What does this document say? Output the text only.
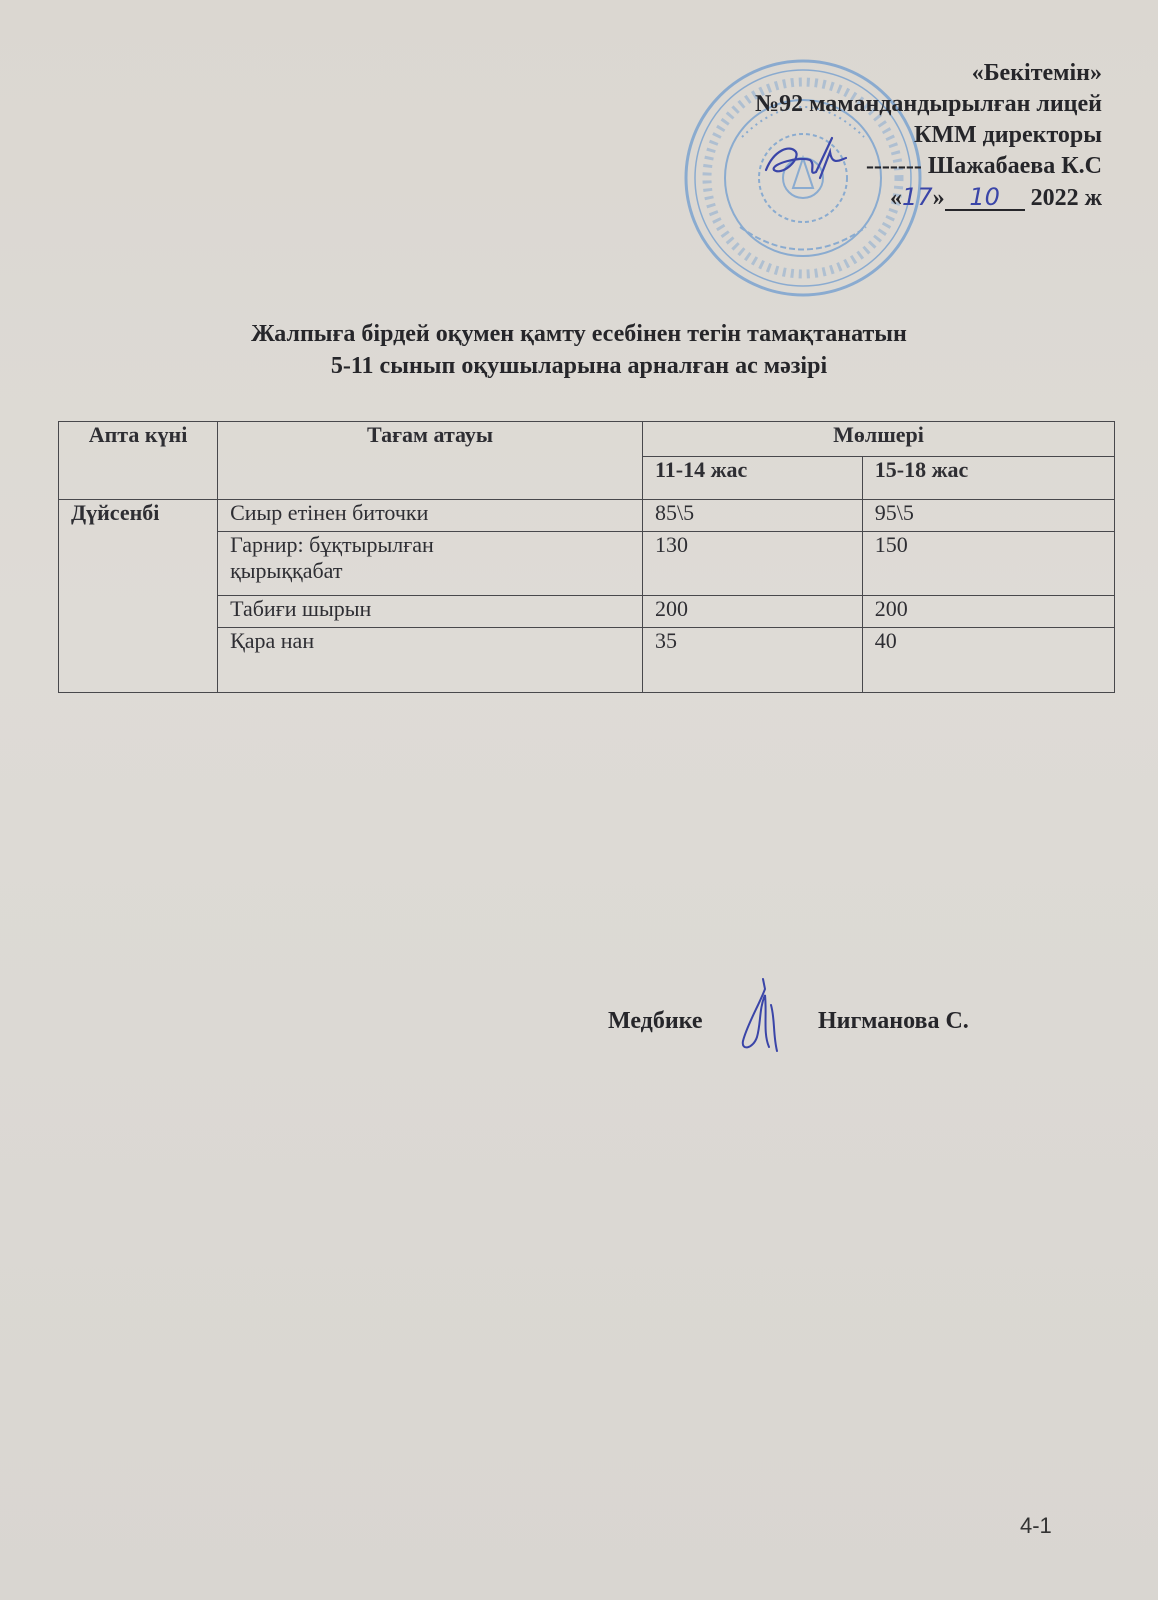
«Бекітемін»
№92 мамандандырылған лицей
КММ директоры
------- Шажабаева К.С
«17» 10 2022 ж
Жалпыға бірдей оқумен қамту есебінен тегін тамақтанатын
5-11 сынып оқушыларына арналған ас мәзірі
Апта күні	Тағам атауы	Мөлшері	
		11-14 жас	15-18 жас
Дүйсенбі	Сиыр етінен биточки	85\5	95\5
	Гарнир: бұқтырылған қырыққабат	130	150
	Табиғи шырын	200	200
	Қара нан	35	40
Медбике	Нигманова С.
4-1
